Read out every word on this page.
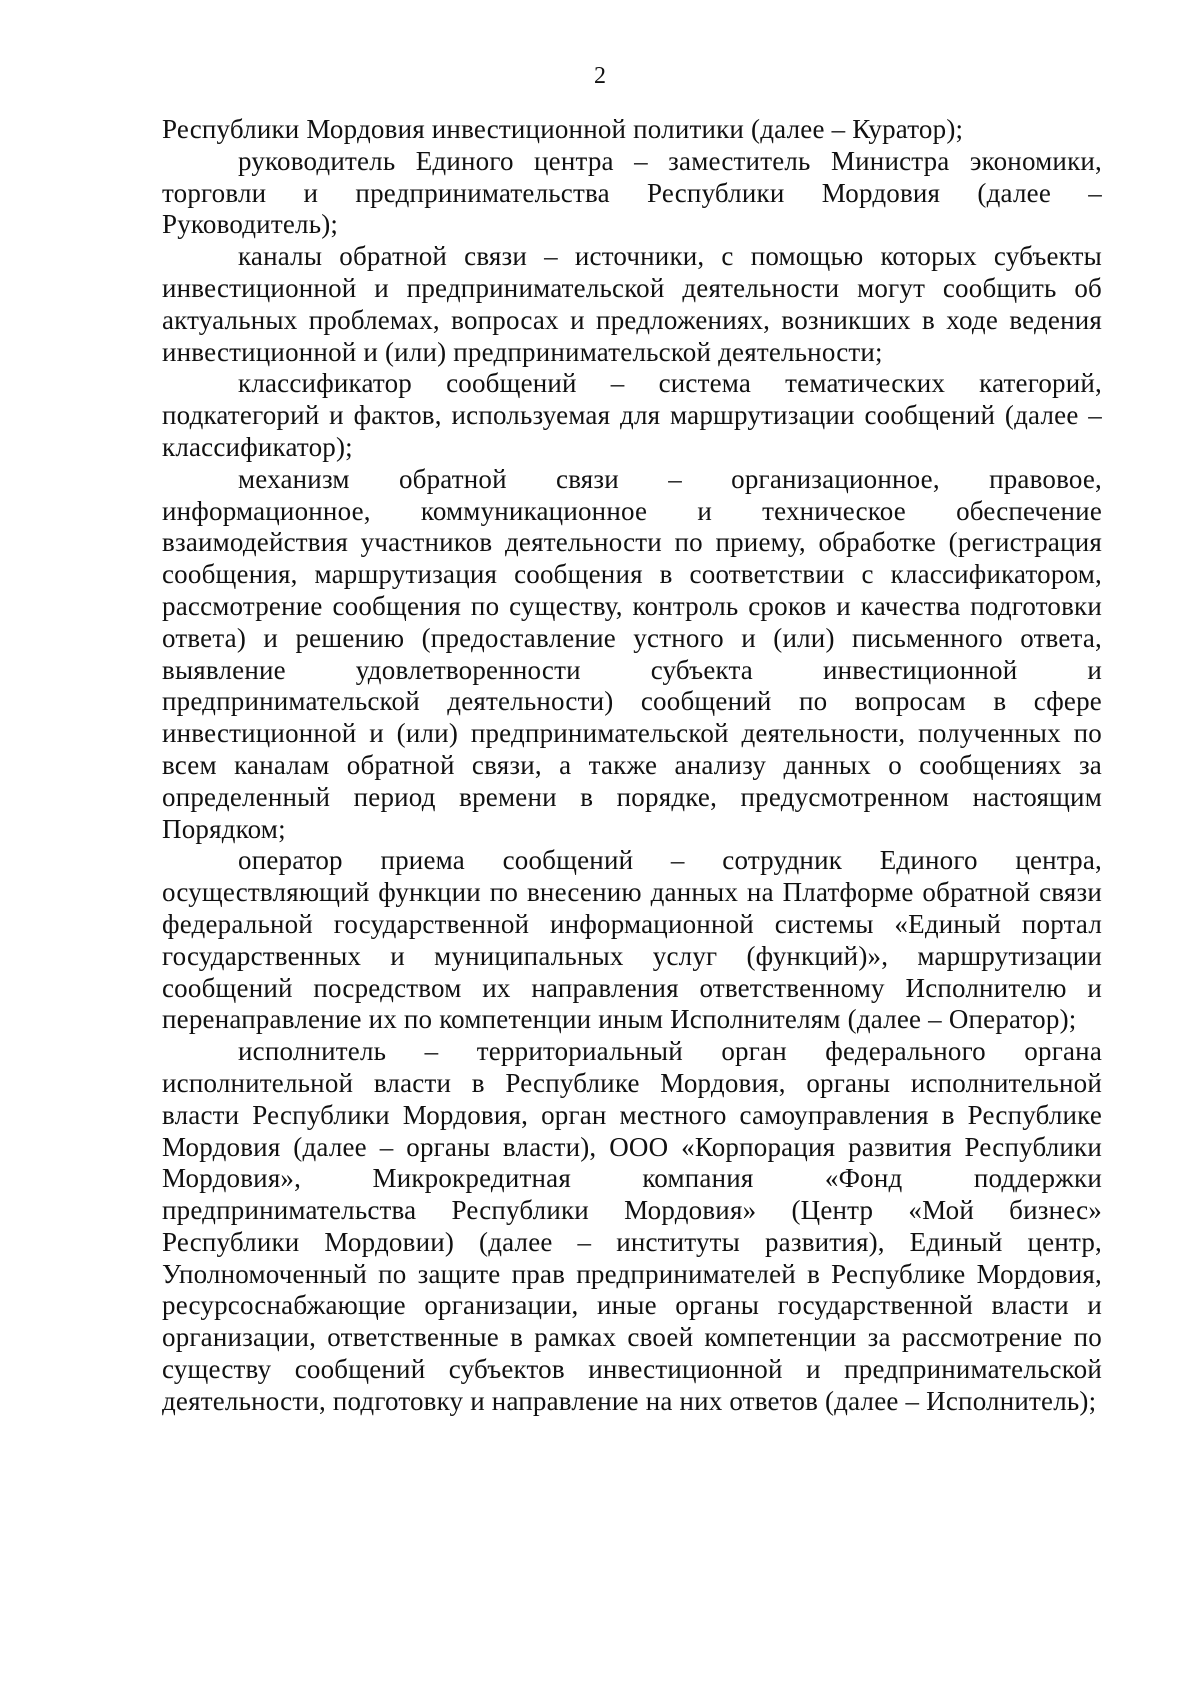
2

Республики Мордовия инвестиционной политики (далее – Куратор);

руководитель Единого центра – заместитель Министра экономики, торговли и предпринимательства Республики Мордовия (далее – Руководитель);

каналы обратной связи – источники, с помощью которых субъекты инвестиционной и предпринимательской деятельности могут сообщить об актуальных проблемах, вопросах и предложениях, возникших в ходе ведения инвестиционной и (или) предпринимательской деятельности;

классификатор сообщений – система тематических категорий, подкатегорий и фактов, используемая для маршрутизации сообщений (далее – классификатор);

механизм обратной связи – организационное, правовое, информационное, коммуникационное и техническое обеспечение взаимодействия участников деятельности по приему, обработке (регистрация сообщения, маршрутизация сообщения в соответствии с классификатором, рассмотрение сообщения по существу, контроль сроков и качества подготовки ответа) и решению (предоставление устного и (или) письменного ответа, выявление удовлетворенности субъекта инвестиционной и предпринимательской деятельности) сообщений по вопросам в сфере инвестиционной и (или) предпринимательской деятельности, полученных по всем каналам обратной связи, а также анализу данных о сообщениях за определенный период времени в порядке, предусмотренном настоящим Порядком;

оператор приема сообщений – сотрудник Единого центра, осуществляющий функции по внесению данных на Платформе обратной связи федеральной государственной информационной системы «Единый портал государственных и муниципальных услуг (функций)», маршрутизации сообщений посредством их направления ответственному Исполнителю и перенаправление их по компетенции иным Исполнителям (далее – Оператор);

исполнитель – территориальный орган федерального органа исполнительной власти в Республике Мордовия, органы исполнительной власти Республики Мордовия, орган местного самоуправления в Республике Мордовия (далее – органы власти), ООО «Корпорация развития Республики Мордовия», Микрокредитная компания «Фонд поддержки предпринимательства Республики Мордовия» (Центр «Мой бизнес» Республики Мордовии) (далее – институты развития), Единый центр, Уполномоченный по защите прав предпринимателей в Республике Мордовия, ресурсоснабжающие организации, иные органы государственной власти и организации, ответственные в рамках своей компетенции за рассмотрение по существу сообщений субъектов инвестиционной и предпринимательской деятельности, подготовку и направление на них ответов (далее – Исполнитель);
